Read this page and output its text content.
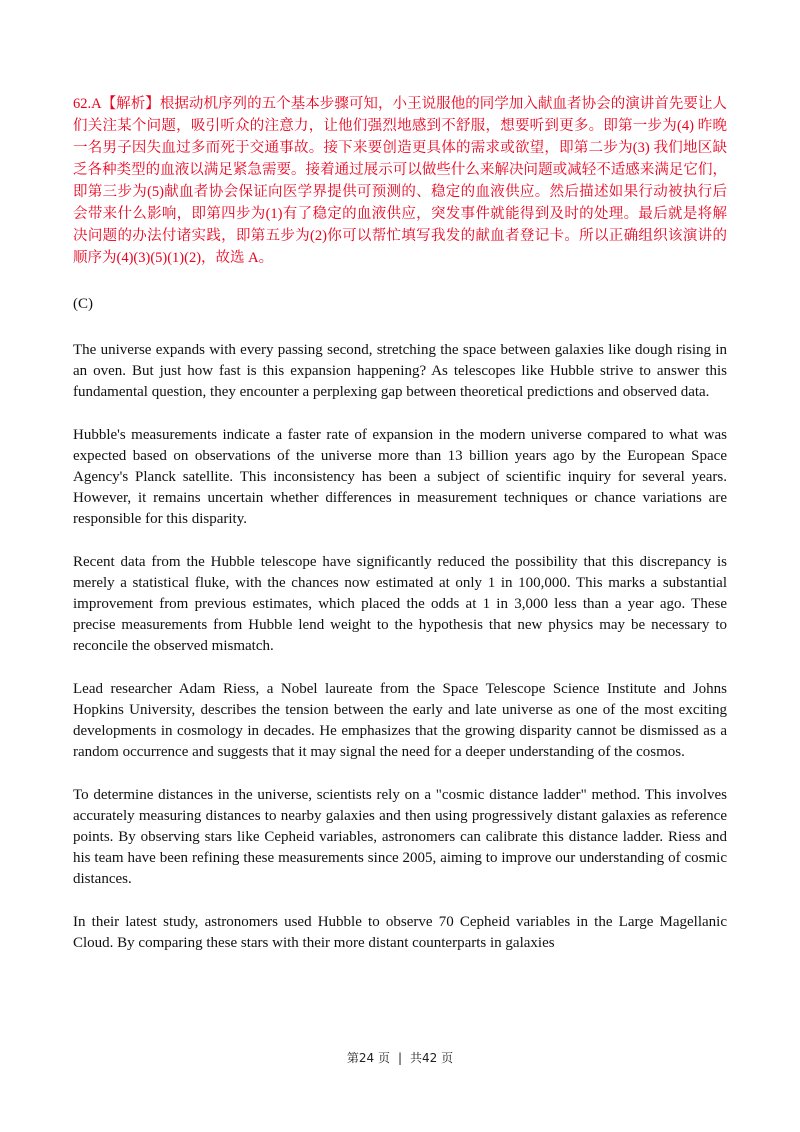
62.A【解析】根据动机序列的五个基本步骤可知，小王说服他的同学加入献血者协会的演讲首先要让人们关注某个问题，吸引听众的注意力，让他们强烈地感到不舒服，想要听到更多。即第一步为(4) 昨晚一名男子因失血过多而死于交通事故。接下来要创造更具体的需求或欲望，即第二步为(3) 我们地区缺乏各种类型的血液以满足紧急需要。接着通过展示可以做些什么来解决问题或减轻不适感来满足它们，即第三步为(5)献血者协会保证向医学界提供可预测的、稳定的血液供应。然后描述如果行动被执行后会带来什么影响，即第四步为(1)有了稳定的血液供应，突发事件就能得到及时的处理。最后就是将解决问题的办法付诸实践，即第五步为(2)你可以帮忙填写我发的献血者登记卡。所以正确组织该演讲的顺序为(4)(3)(5)(1)(2)，故选 A。

(C)

The universe expands with every passing second, stretching the space between galaxies like dough rising in an oven. But just how fast is this expansion happening? As telescopes like Hubble strive to answer this fundamental question, they encounter a perplexing gap between theoretical predictions and observed data.

Hubble's measurements indicate a faster rate of expansion in the modern universe compared to what was expected based on observations of the universe more than 13 billion years ago by the European Space Agency's Planck satellite. This inconsistency has been a subject of scientific inquiry for several years. However, it remains uncertain whether differences in measurement techniques or chance variations are responsible for this disparity.

Recent data from the Hubble telescope have significantly reduced the possibility that this discrepancy is merely a statistical fluke, with the chances now estimated at only 1 in 100,000. This marks a substantial improvement from previous estimates, which placed the odds at 1 in 3,000 less than a year ago. These precise measurements from Hubble lend weight to the hypothesis that new physics may be necessary to reconcile the observed mismatch.

Lead researcher Adam Riess, a Nobel laureate from the Space Telescope Science Institute and Johns Hopkins University, describes the tension between the early and late universe as one of the most exciting developments in cosmology in decades. He emphasizes that the growing disparity cannot be dismissed as a random occurrence and suggests that it may signal the need for a deeper understanding of the cosmos.

To determine distances in the universe, scientists rely on a "cosmic distance ladder" method. This involves accurately measuring distances to nearby galaxies and then using progressively distant galaxies as reference points. By observing stars like Cepheid variables, astronomers can calibrate this distance ladder. Riess and his team have been refining these measurements since 2005, aiming to improve our understanding of cosmic distances.

In their latest study, astronomers used Hubble to observe 70 Cepheid variables in the Large Magellanic Cloud. By comparing these stars with their more distant counterparts in galaxies

第24 页 | 共42 页
